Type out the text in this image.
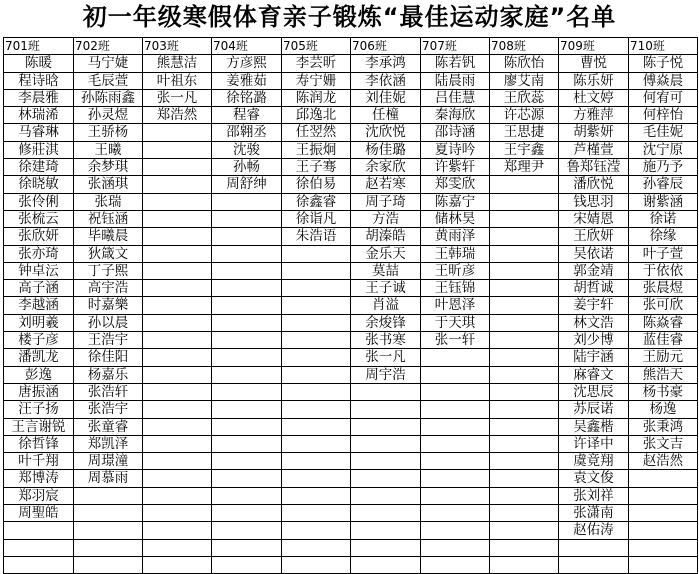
初一年级寒假体育亲子锻炼“最佳运动家庭”名单
701班
陈暖
程诗晗
李晨雅
林瑞浠
马睿琳
修莊淇
徐建琦
徐晓敏
张伶俐
张梳云
张欣妍
张亦琦
钟卓沄
高子涵
李越涵
刘明羲
楼子彦
潘凯龙
彭逸
唐振涵
汪子扬
王言谢锐
徐哲锋
叶千翔
郑博涛
郑羽宸
周聖皓
702班
马宁婕
毛辰萱
孙陈雨鑫
孙灵煜
王骄杨
王曦
余梦琪
张涵琪
张瑞
祝钰涵
毕曦晨
狄箴文
丁子熙
高宇浩
时嘉樂
孙以晨
王浩宇
徐佳阳
杨嘉乐
张浩轩
张浩宇
张童睿
郑凯泽
周璟潼
周慕雨
703班
熊慧洁
叶祖东
张一凡
郑浩然
704班
方彦熙
姜雅茹
徐铭潞
程睿
邵翱丞
沈骏
孙畅
周舒绅
705班
李芸昕
寿宁姗
陈润龙
邱逸北
任翌然
王振炯
王子骞
徐伯易
徐鑫睿
徐诣凡
朱浩语
706班
李承鸿
李依涵
刘佳妮
任橦
沈欣悦
杨佳璐
余家欣
赵若寒
周子琦
方浩
胡溱皓
金乐天
莫喆
王子诚
肖溢
余焌锋
张书寒
张一凡
周宇浩
707班
陈若钒
陆晨雨
吕佳慧
秦海欣
邵诗涵
夏诗吟
许紫轩
郑雯欣
陈嘉宁
储林昊
黄雨泽
王韩瑞
王昕彦
王钰锦
叶恩泽
于天琪
张一轩
708班
陈欣怡
廖艾南
王欣蕊
许芯源
王思捷
王宇鑫
郑理尹
709班
曹悦
陈乐妍
杜文婷
方雅萍
胡紫妍
芦槿萱
鲁郑钰滢
潘欣悦
钱思羽
宋婧恩
王欣妍
吴依诺
郭金靖
胡哲诚
姜宇轩
林文浩
刘少博
陆宇涵
麻睿文
沈思辰
苏辰诺
吴鑫楷
许译中
虞竟翔
袁文俊
张刘祥
张潇南
赵佑涛
710班
陈子悦
傅焱晨
何宥可
何梓怡
毛佳妮
沈宁原
施乃予
孙睿辰
谢紫涵
徐诺
徐缘
叶子萱
于依依
张晨煜
张可欣
陈焱睿
蓝佳睿
王励元
熊浩天
杨书豪
杨逸
张秉鸿
张文吉
赵浩然
